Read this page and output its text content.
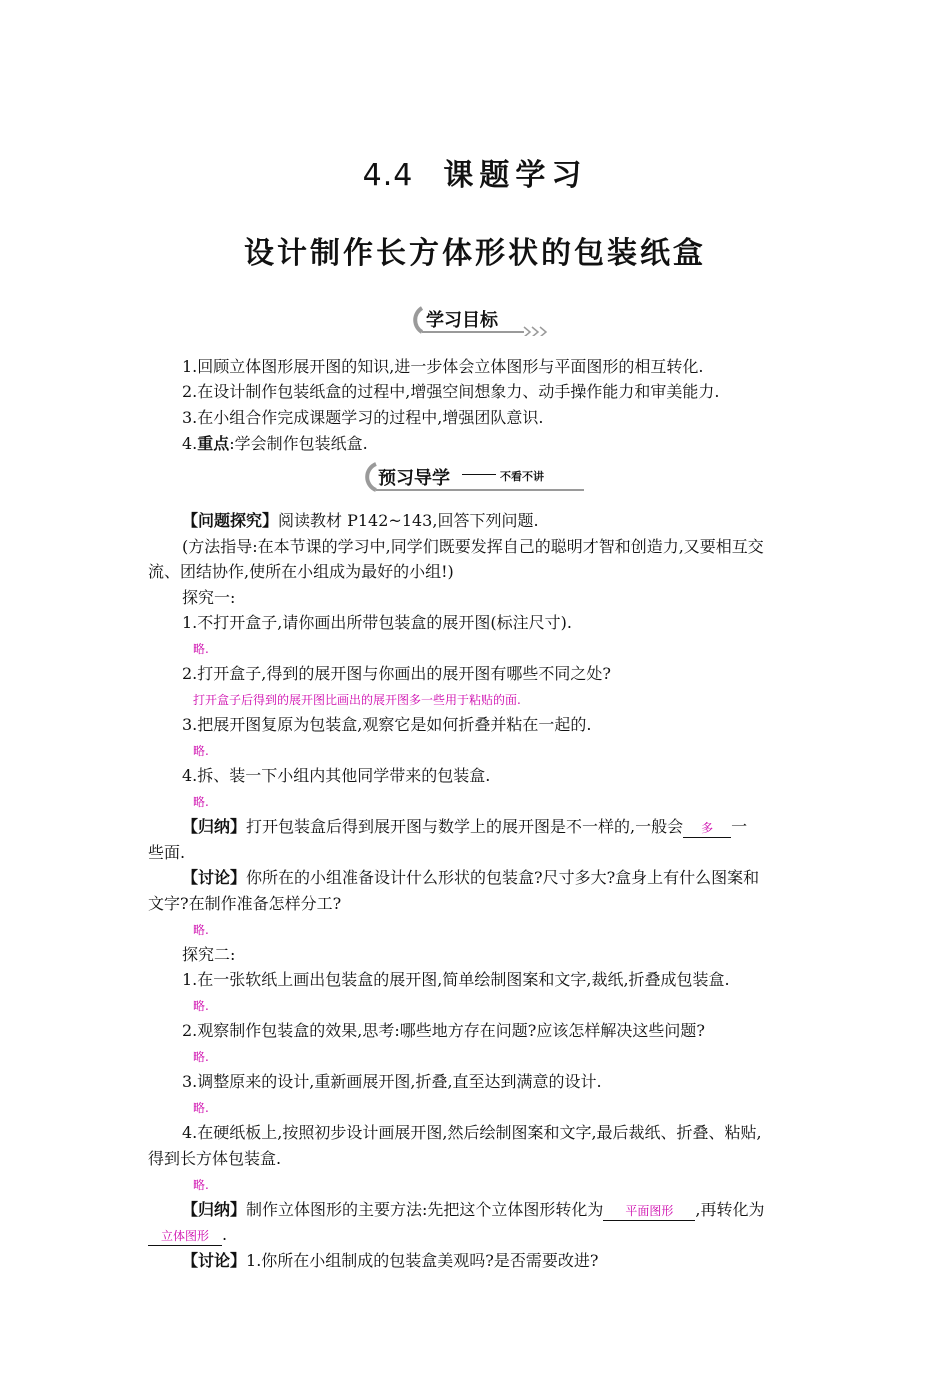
4.4 课题学习
设计制作长方体形状的包装纸盒
学习目标
1.回顾立体图形展开图的知识,进一步体会立体图形与平面图形的相互转化.
2.在设计制作包装纸盒的过程中,增强空间想象力、动手操作能力和审美能力.
3.在小组合作完成课题学习的过程中,增强团队意识.
4.重点:学会制作包装纸盒.
预习导学	不看不讲
【问题探究】阅读教材 P142~143,回答下列问题.
(方法指导:在本节课的学习中,同学们既要发挥自己的聪明才智和创造力,又要相互交
流、团结协作,使所在小组成为最好的小组!)
探究一:
1.不打开盒子,请你画出所带包装盒的展开图(标注尺寸).
略.
2.打开盒子,得到的展开图与你画出的展开图有哪些不同之处?
打开盒子后得到的展开图比画出的展开图多一些用于粘贴的面.
3.把展开图复原为包装盒,观察它是如何折叠并粘在一起的.
略.
4.拆、装一下小组内其他同学带来的包装盒.
略.
【归纳】打开包装盒后得到展开图与数学上的展开图是不一样的,一般会 多 一
些面.
【讨论】你所在的小组准备设计什么形状的包装盒?尺寸多大?盒身上有什么图案和
文字?在制作准备怎样分工?
略.
探究二:
1.在一张软纸上画出包装盒的展开图,简单绘制图案和文字,裁纸,折叠成包装盒.
略.
2.观察制作包装盒的效果,思考:哪些地方存在问题?应该怎样解决这些问题?
略.
3.调整原来的设计,重新画展开图,折叠,直至达到满意的设计.
略.
4.在硬纸板上,按照初步设计画展开图,然后绘制图案和文字,最后裁纸、折叠、粘贴,
得到长方体包装盒.
略.
【归纳】制作立体图形的主要方法:先把这个立体图形转化为 平面图形 ,再转化为
立体图形 .
【讨论】1.你所在小组制成的包装盒美观吗?是否需要改进?
